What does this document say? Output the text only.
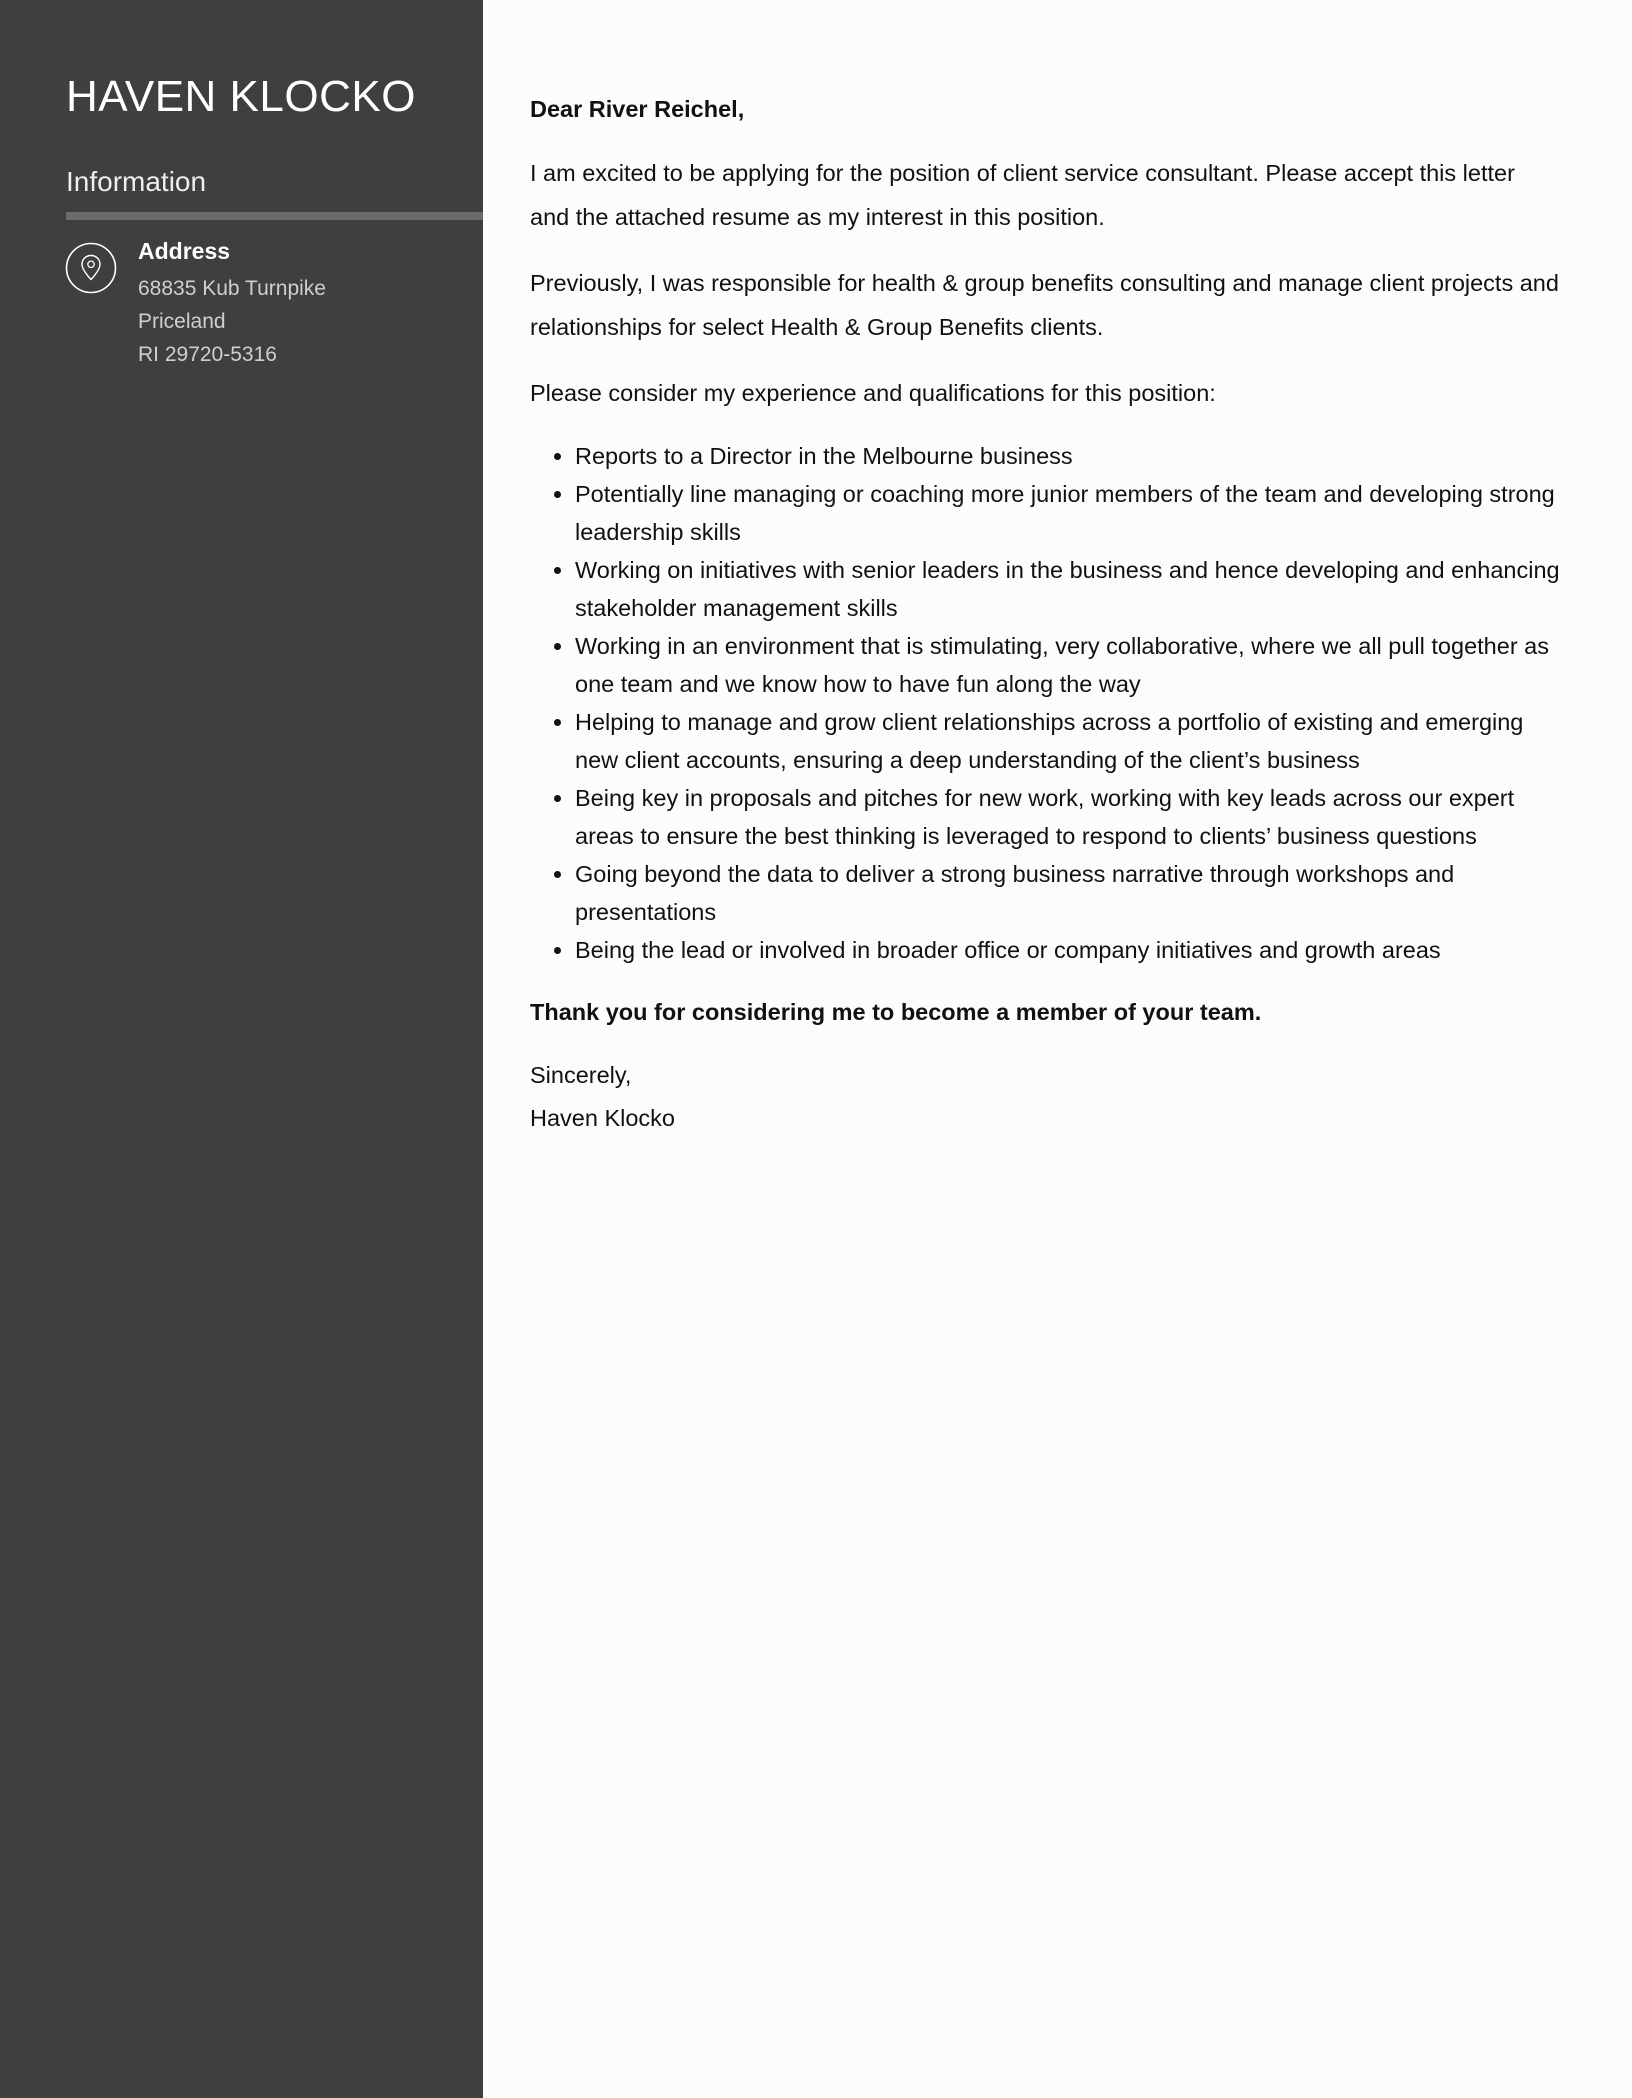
HAVEN KLOCKO
Information
Address
68835 Kub Turnpike
Priceland
RI 29720-5316

Dear River Reichel,

I am excited to be applying for the position of client service consultant. Please accept this letter and the attached resume as my interest in this position.

Previously, I was responsible for health & group benefits consulting and manage client projects and relationships for select Health & Group Benefits clients.

Please consider my experience and qualifications for this position:

• Reports to a Director in the Melbourne business
• Potentially line managing or coaching more junior members of the team and developing strong leadership skills
• Working on initiatives with senior leaders in the business and hence developing and enhancing stakeholder management skills
• Working in an environment that is stimulating, very collaborative, where we all pull together as one team and we know how to have fun along the way
• Helping to manage and grow client relationships across a portfolio of existing and emerging new client accounts, ensuring a deep understanding of the client’s business
• Being key in proposals and pitches for new work, working with key leads across our expert areas to ensure the best thinking is leveraged to respond to clients’ business questions
• Going beyond the data to deliver a strong business narrative through workshops and presentations
• Being the lead or involved in broader office or company initiatives and growth areas

Thank you for considering me to become a member of your team.

Sincerely,
Haven Klocko
